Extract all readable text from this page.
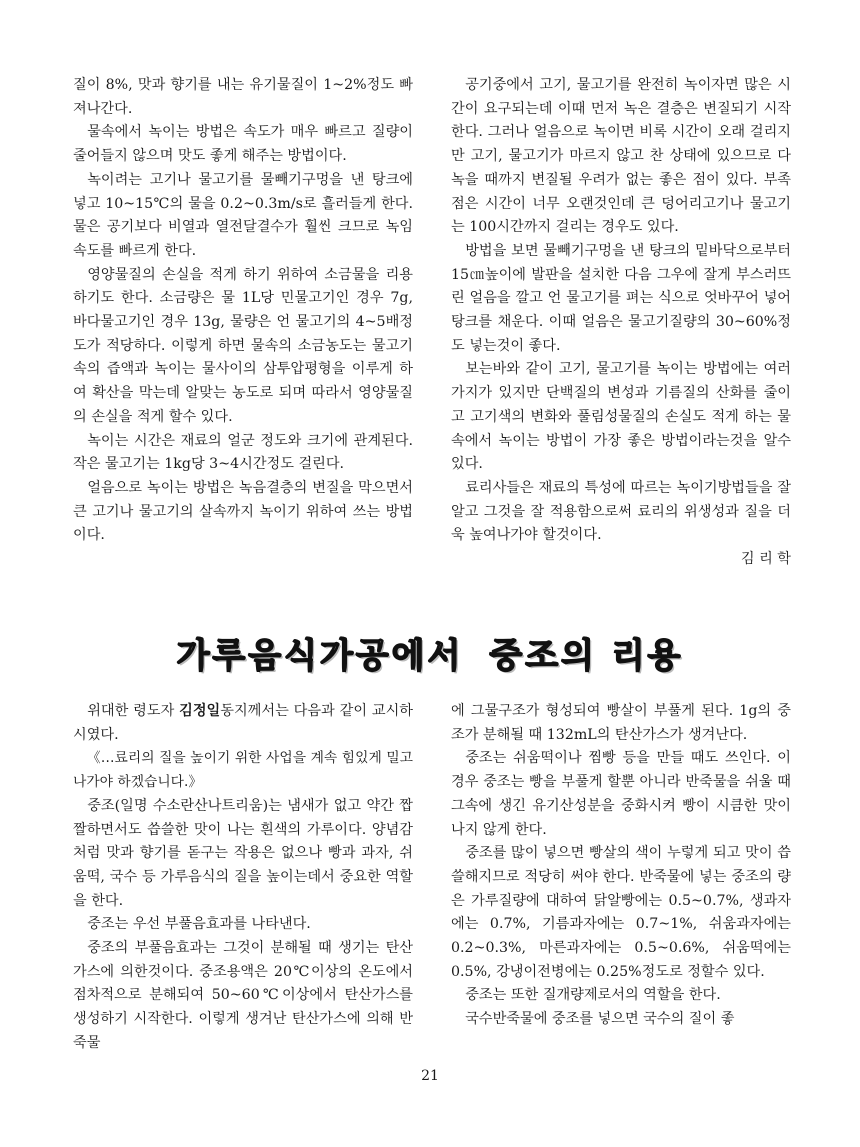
질이 8%, 맛과 향기를 내는 유기물질이 1~2%정도 빠져나간다.

물속에서 녹이는 방법은 속도가 매우 빠르고 질량이 줄어들지 않으며 맛도 좋게 해주는 방법이다.

녹이려는 고기나 물고기를 물빼기구멍을 낸 탕크에 넣고 10~15℃의 물을 0.2~0.3m/s로 흘러들게 한다. 물은 공기보다 비열과 열전달결수가 훨씬 크므로 녹임속도를 빠르게 한다.

영양물질의 손실을 적게 하기 위하여 소금물을 리용하기도 한다. 소금량은 물 1L당 민물고기인 경우 7g, 바다물고기인 경우 13g, 물량은 언 물고기의 4~5배정도가 적당하다. 이렇게 하면 물속의 소금농도는 물고기속의 즙액과 녹이는 물사이의 삼투압평형을 이루게 하여 확산을 막는데 알맞는 농도로 되며 따라서 영양물질의 손실을 적게 할수 있다.

녹이는 시간은 재료의 얼군 정도와 크기에 관계된다. 작은 물고기는 1kg당 3~4시간정도 걸린다.

얼음으로 녹이는 방법은 녹음결층의 변질을 막으면서 큰 고기나 물고기의 살속까지 녹이기 위하여 쓰는 방법이다.

공기중에서 고기, 물고기를 완전히 녹이자면 많은 시간이 요구되는데 이때 먼저 녹은 결층은 변질되기 시작한다. 그러나 얼음으로 녹이면 비록 시간이 오래 걸리지만 고기, 물고기가 마르지 않고 찬 상태에 있으므로 다 녹을 때까지 변질될 우려가 없는 좋은 점이 있다. 부족점은 시간이 너무 오랜것인데 큰 덩어리고기나 물고기는 100시간까지 걸리는 경우도 있다.

방법을 보면 물빼기구멍을 낸 탕크의 밑바닥으로부터 15㎝높이에 발판을 설치한 다음 그우에 잘게 부스러뜨린 얼음을 깔고 언 물고기를 펴는 식으로 엇바꾸어 넣어 탕크를 채운다. 이때 얼음은 물고기질량의 30~60%정도 넣는것이 좋다.

보는바와 같이 고기, 물고기를 녹이는 방법에는 여러가지가 있지만 단백질의 변성과 기름질의 산화를 줄이고 고기색의 변화와 풀림성물질의 손실도 적게 하는 물속에서 녹이는 방법이 가장 좋은 방법이라는것을 알수 있다.

료리사들은 재료의 특성에 따르는 녹이기방법들을 잘 알고 그것을 잘 적용함으로써 료리의 위생성과 질을 더욱 높여나가야 할것이다.

김 리 학
가루음식가공에서 중조의 리용

위대한 령도자 김정일동지께서는 다음과 같이 교시하시였다.

《…료리의 질을 높이기 위한 사업을 계속 힘있게 밀고나가야 하겠습니다.》

중조(일명 수소란산나트리움)는 냄새가 없고 약간 짭짤하면서도 씁쓸한 맛이 나는 흰색의 가루이다. 양념감처럼 맛과 향기를 돋구는 작용은 없으나 빵과 과자, 쉬움떡, 국수 등 가루음식의 질을 높이는데서 중요한 역할을 한다.

중조는 우선 부풀음효과를 나타낸다.

중조의 부풀음효과는 그것이 분해될 때 생기는 탄산가스에 의한것이다. 중조용액은 20℃이상의 온도에서 점차적으로 분해되여 50~60℃이상에서 탄산가스를 생성하기 시작한다. 이렇게 생겨난 탄산가스에 의해 반죽물

에 그물구조가 형성되여 빵살이 부풀게 된다. 1g의 중조가 분해될 때 132mL의 탄산가스가 생겨난다.

중조는 쉬움떡이나 찜빵 등을 만들 때도 쓰인다. 이 경우 중조는 빵을 부풀게 할뿐 아니라 반죽물을 쉬울 때 그속에 생긴 유기산성분을 중화시켜 빵이 시큼한 맛이 나지 않게 한다.

중조를 많이 넣으면 빵살의 색이 누렇게 되고 맛이 씁쓸해지므로 적당히 써야 한다. 반죽물에 넣는 중조의 량은 가루질량에 대하여 닭알빵에는 0.5~0.7%, 생과자에는 0.7%, 기름과자에는 0.7~1%, 쉬움과자에는 0.2~0.3%, 마른과자에는 0.5~0.6%, 쉬움떡에는 0.5%, 강냉이전병에는 0.25%정도로 정할수 있다.

중조는 또한 질개량제로서의 역할을 한다.

국수반죽물에 중조를 넣으면 국수의 질이 좋

21
